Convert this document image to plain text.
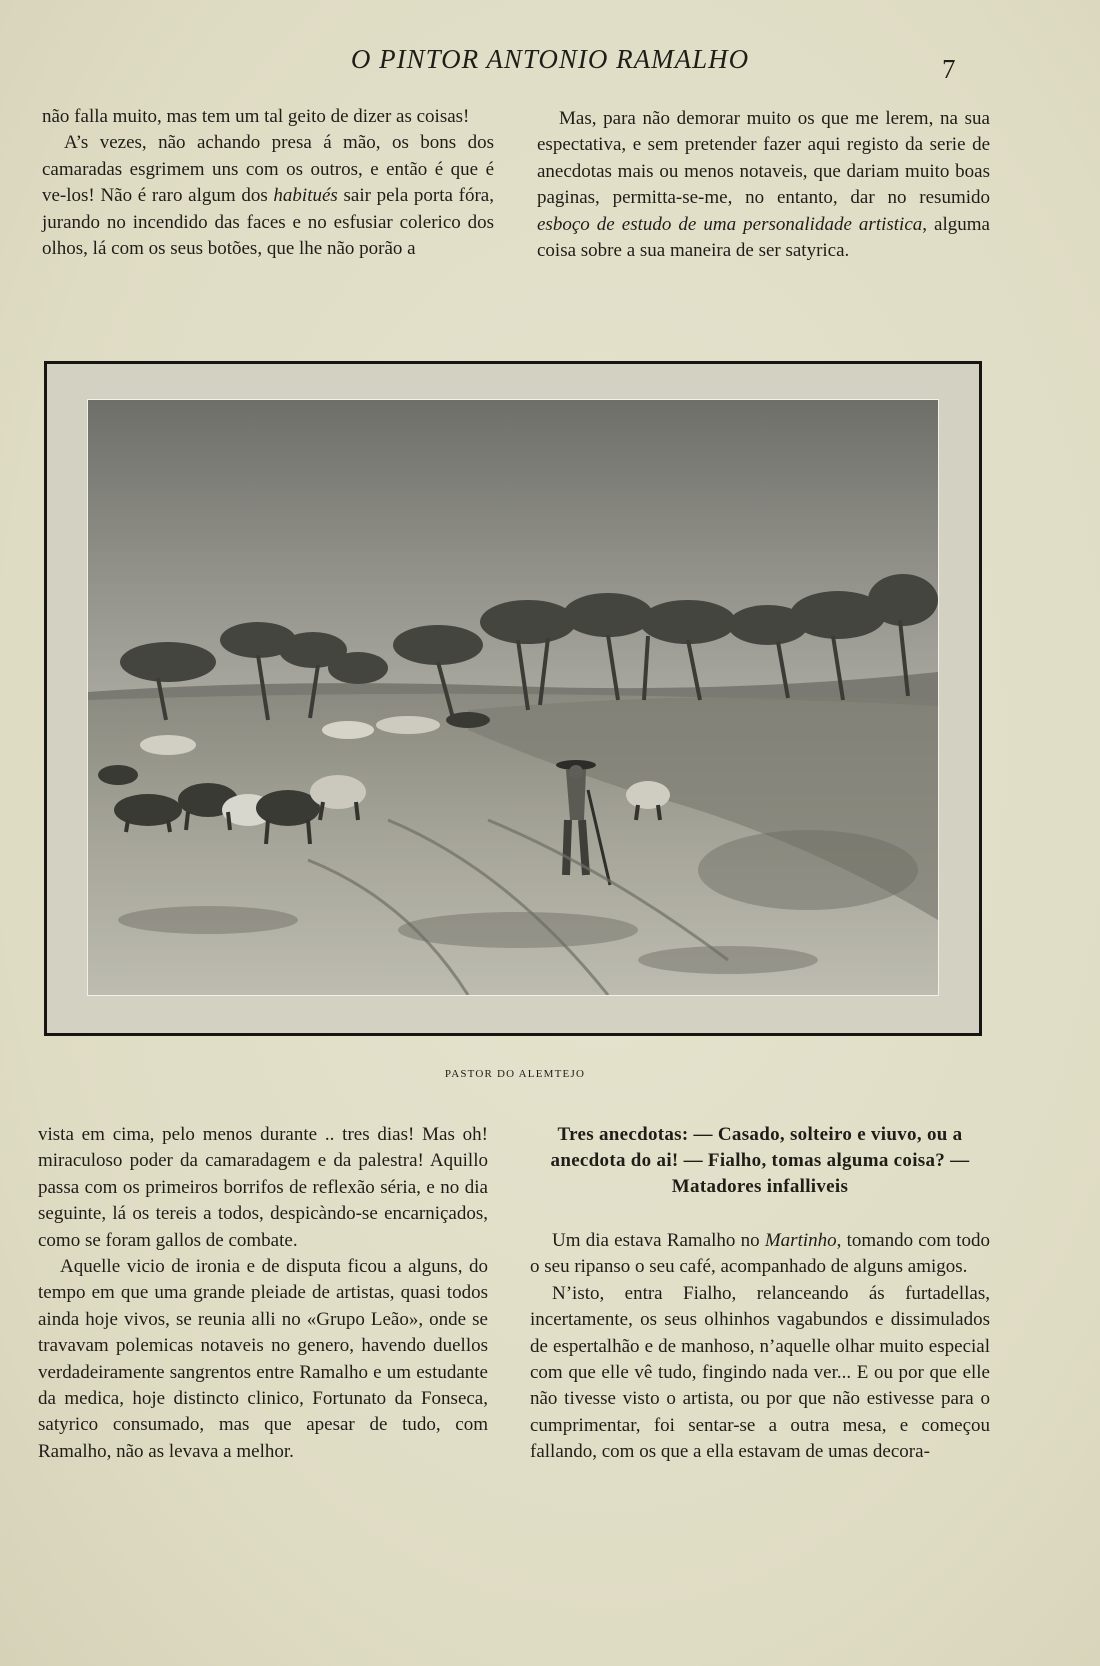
O PINTOR ANTONIO RAMALHO	7

não falla muito, mas tem um tal geito de dizer as coisas!

A’s vezes, não achando presa á mão, os bons dos camaradas esgrimem uns com os outros, e então é que é ve-los! Não é raro algum dos habitués sair pela porta fóra, jurando no incendido das faces e no esfusiar colerico dos olhos, lá com os seus botões, que lhe não porão a

Mas, para não demorar muito os que me lerem, na sua espectativa, e sem pretender fazer aqui registo da serie de anecdotas mais ou menos notaveis, que dariam muito boas paginas, permitta-se-me, no entanto, dar no resumido esboço de estudo de uma personalidade artistica, alguma coisa sobre a sua maneira de ser satyrica.

PASTOR DO ALEMTEJO

vista em cima, pelo menos durante .. tres dias! Mas oh! miraculoso poder da camaradagem e da palestra! Aquillo passa com os primeiros borrifos de reflexão séria, e no dia seguinte, lá os tereis a todos, despicàndo-se encarniçados, como se foram gallos de combate.

Aquelle vicio de ironia e de disputa ficou a alguns, do tempo em que uma grande pleiade de artistas, quasi todos ainda hoje vivos, se reunia alli no «Grupo Leão», onde se travavam polemicas notaveis no genero, havendo duellos verdadeiramente sangrentos entre Ramalho e um estudante da medica, hoje distincto clinico, Fortunato da Fonseca, satyrico consumado, mas que apesar de tudo, com Ramalho, não as levava a melhor.

Tres anecdotas: — Casado, solteiro e viuvo, ou a anecdota do ai! — Fialho, tomas alguma coisa? — Matadores infalliveis

Um dia estava Ramalho no Martinho, tomando com todo o seu ripanso o seu café, acompanhado de alguns amigos.

N’isto, entra Fialho, relanceando ás furtadellas, incertamente, os seus olhinhos vagabundos e dissimulados de espertalhão e de manhoso, n’aquelle olhar muito especial com que elle vê tudo, fingindo nada ver... E ou por que elle não tivesse visto o artista, ou por que não estivesse para o cumprimentar, foi sentar-se a outra mesa, e começou fallando, com os que a ella estavam de umas decora-
